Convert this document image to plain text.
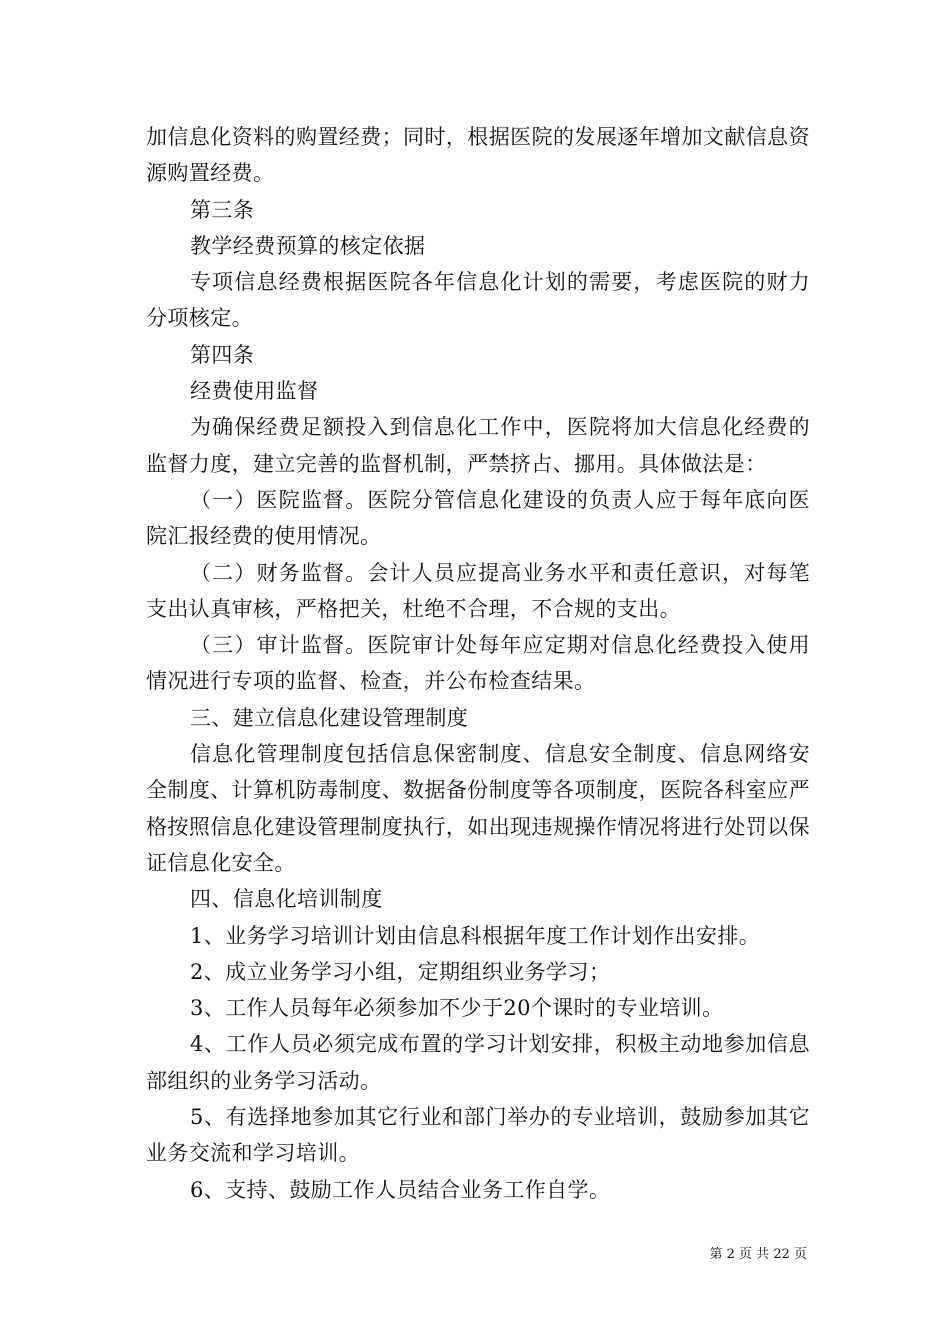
加信息化资料的购置经费；同时，根据医院的发展逐年增加文献信息资源购置经费。

第三条

教学经费预算的核定依据

专项信息经费根据医院各年信息化计划的需要，考虑医院的财力分项核定。

第四条

经费使用监督

为确保经费足额投入到信息化工作中，医院将加大信息化经费的监督力度，建立完善的监督机制，严禁挤占、挪用。具体做法是：

（一）医院监督。医院分管信息化建设的负责人应于每年底向医院汇报经费的使用情况。

（二）财务监督。会计人员应提高业务水平和责任意识，对每笔支出认真审核，严格把关，杜绝不合理，不合规的支出。

（三）审计监督。医院审计处每年应定期对信息化经费投入使用情况进行专项的监督、检查，并公布检查结果。

三、建立信息化建设管理制度

信息化管理制度包括信息保密制度、信息安全制度、信息网络安全制度、计算机防毒制度、数据备份制度等各项制度，医院各科室应严格按照信息化建设管理制度执行，如出现违规操作情况将进行处罚以保证信息化安全。

四、信息化培训制度

1、业务学习培训计划由信息科根据年度工作计划作出安排。

2、成立业务学习小组，定期组织业务学习；

3、工作人员每年必须参加不少于20个课时的专业培训。

4、工作人员必须完成布置的学习计划安排，积极主动地参加信息部组织的业务学习活动。

5、有选择地参加其它行业和部门举办的专业培训，鼓励参加其它业务交流和学习培训。

6、支持、鼓励工作人员结合业务工作自学。

第 2 页 共 22 页
